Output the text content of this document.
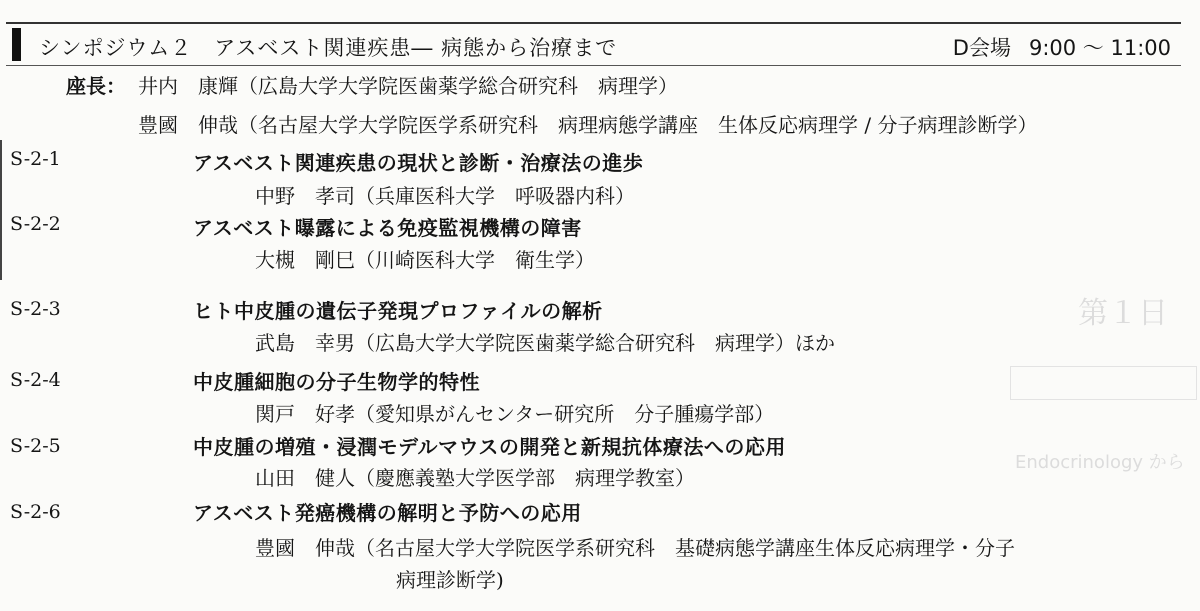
第１日
Endocrinology から
シンポジウム２　アスベスト関連疾患― 病態から治療まで	D会場 9:00 ～ 11:00
座長： 井内　康輝（広島大学大学院医歯薬学総合研究科　病理学）
豊國　伸哉（名古屋大学大学院医学系研究科　病理病態学講座　生体反応病理学 / 分子病理診断学）
S-2-1	アスベスト関連疾患の現状と診断・治療法の進歩
中野　孝司（兵庫医科大学　呼吸器内科）
S-2-2	アスベスト曝露による免疫監視機構の障害
大槻　剛巳（川崎医科大学　衛生学）
S-2-3	ヒト中皮腫の遺伝子発現プロファイルの解析
武島　幸男（広島大学大学院医歯薬学総合研究科　病理学）ほか
S-2-4	中皮腫細胞の分子生物学的特性
関戸　好孝（愛知県がんセンター研究所　分子腫瘍学部）
S-2-5	中皮腫の増殖・浸潤モデルマウスの開発と新規抗体療法への応用
山田　健人（慶應義塾大学医学部　病理学教室）
S-2-6	アスベスト発癌機構の解明と予防への応用
豊國　伸哉（名古屋大学大学院医学系研究科　基礎病態学講座生体反応病理学・分子
病理診断学)
